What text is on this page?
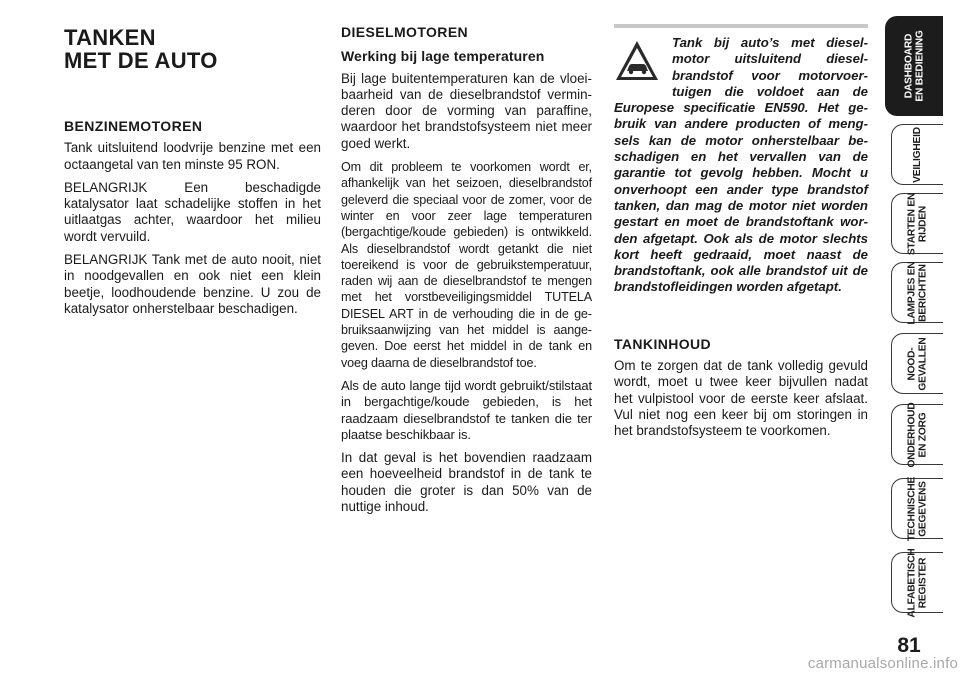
TANKEN
MET DE AUTO
BENZINEMOTOREN

Tank uitsluitend loodvrije benzine met een octaangetal van ten minste 95 RON.

BELANGRIJK Een beschadigde katalysator laat schadelijke stoffen in het uitlaatgas achter, waardoor het milieu wordt vervuild.

BELANGRIJK Tank met de auto nooit, niet in noodgevallen en ook niet een klein beetje, loodhoudende benzine. U zou de katalysator onherstelbaar beschadigen.

DIESELMOTOREN
Werking bij lage temperaturen

Bij lage buitentemperaturen kan de vloeibaarheid van de dieselbrandstof verminderen door de vorming van paraffine, waardoor het brandstofsysteem niet meer goed werkt.

Om dit probleem te voorkomen wordt er, afhankelijk van het seizoen, dieselbrandstof geleverd die speciaal voor de zomer, voor de winter en voor zeer lage temperaturen (bergachtige/koude gebieden) is ontwikkeld. Als dieselbrandstof wordt getankt die niet toereikend is voor de gebruikstemperatuur, raden wij aan de dieselbrandstof te mengen met het vorstbeveiligingsmiddel TUTELA DIESEL ART in de verhouding die in de gebruiksaanwijzing van het middel is aangegeven. Doe eerst het middel in de tank en voeg daarna de dieselbrandstof toe.

Als de auto lange tijd wordt gebruikt/stilstaat in bergachtige/koude gebieden, is het raadzaam dieselbrandstof te tanken die ter plaatse beschikbaar is.

In dat geval is het bovendien raadzaam een hoeveelheid brandstof in de tank te houden die groter is dan 50% van de nuttige inhoud.

Tank bij auto’s met dieselmotor uitsluitend dieselbrandstof voor motorvoertuigen die voldoet aan de Europese specificatie EN590. Het gebruik van andere producten of mengsels kan de motor onherstelbaar beschadigen en het vervallen van de garantie tot gevolg hebben. Mocht u onverhoopt een ander type brandstof tanken, dan mag de motor niet worden gestart en moet de brandstoftank worden afgetapt. Ook als de motor slechts kort heeft gedraaid, moet naast de brandstoftank, ook alle brandstof uit de brandstofleidingen worden afgetapt.
TANKINHOUD

Om te zorgen dat de tank volledig gevuld wordt, moet u twee keer bijvullen nadat het vulpistool voor de eerste keer afslaat. Vul niet nog een keer bij om storingen in het brandstofsysteem te voorkomen.

DASHBOARD
EN BEDIENING
VEILIGHEID
STARTEN EN
RIJDEN
LAMPJES EN
BERICHTEN
NOOD-
GEVALLEN
ONDERHOUD
EN ZORG
TECHNISCHE
GEGEVENS
ALFABETISCH
REGISTER
81
carmanualsonline.info
